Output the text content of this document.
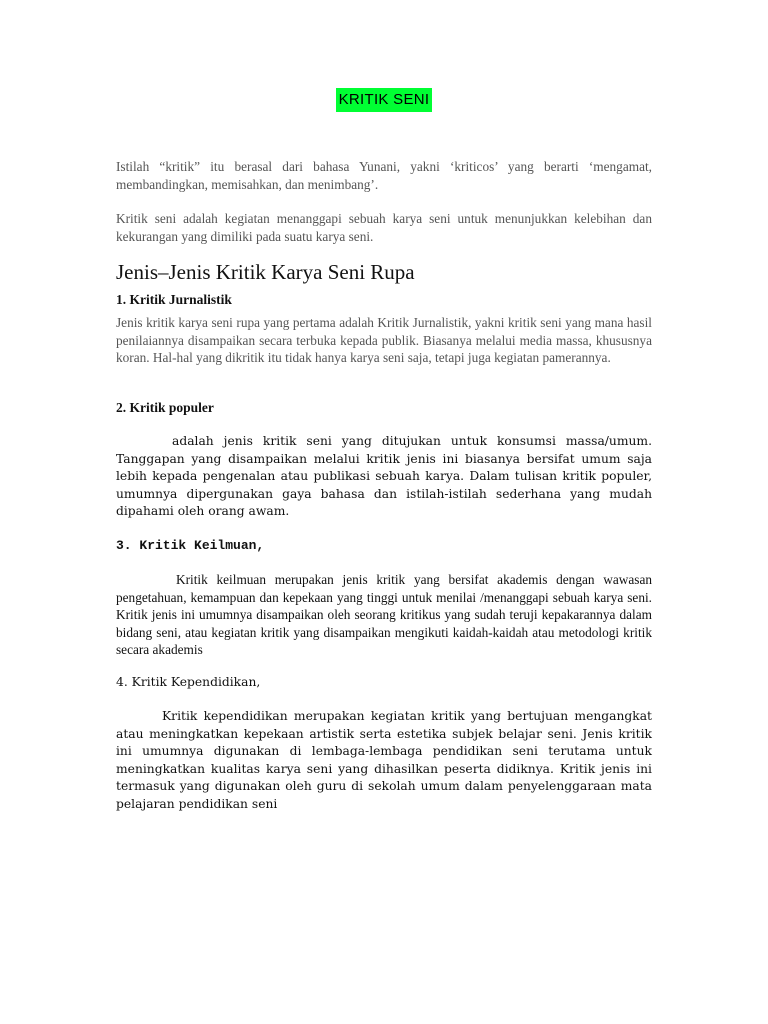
KRITIK SENI

Istilah “kritik” itu berasal dari bahasa Yunani, yakni ‘kriticos’ yang berarti ‘mengamat, membandingkan, memisahkan, dan menimbang’.

Kritik seni adalah kegiatan menanggapi sebuah karya seni untuk menunjukkan kelebihan dan kekurangan yang dimiliki pada suatu karya seni.

Jenis–Jenis Kritik Karya Seni Rupa
1. Kritik Jurnalistik

Jenis kritik karya seni rupa yang pertama adalah Kritik Jurnalistik, yakni kritik seni yang mana hasil penilaiannya disampaikan secara terbuka kepada publik. Biasanya melalui media massa, khususnya koran. Hal-hal yang dikritik itu tidak hanya karya seni saja, tetapi juga kegiatan pamerannya.

2. Kritik populer

adalah jenis kritik seni yang ditujukan untuk konsumsi massa/umum. Tanggapan yang disampaikan melalui kritik jenis ini biasanya bersifat umum saja lebih kepada pengenalan atau publikasi sebuah karya. Dalam tulisan kritik populer, umumnya dipergunakan gaya bahasa dan istilah-istilah sederhana yang mudah dipahami oleh orang awam.

3. Kritik Keilmuan,

Kritik keilmuan merupakan jenis kritik yang bersifat akademis dengan wawasan pengetahuan, kemampuan dan kepekaan yang tinggi untuk menilai /menanggapi sebuah karya seni. Kritik jenis ini umumnya disampaikan oleh seorang kritikus yang sudah teruji kepakarannya dalam bidang seni, atau kegiatan kritik yang disampaikan mengikuti kaidah-kaidah atau metodologi kritik secara akademis

4. Kritik Kependidikan,

Kritik kependidikan merupakan kegiatan kritik yang bertujuan mengangkat atau meningkatkan kepekaan artistik serta estetika subjek belajar seni. Jenis kritik ini umumnya digunakan di lembaga-lembaga pendidikan seni terutama untuk meningkatkan kualitas karya seni yang dihasilkan peserta didiknya. Kritik jenis ini termasuk yang digunakan oleh guru di sekolah umum dalam penyelenggaraan mata pelajaran pendidikan seni
